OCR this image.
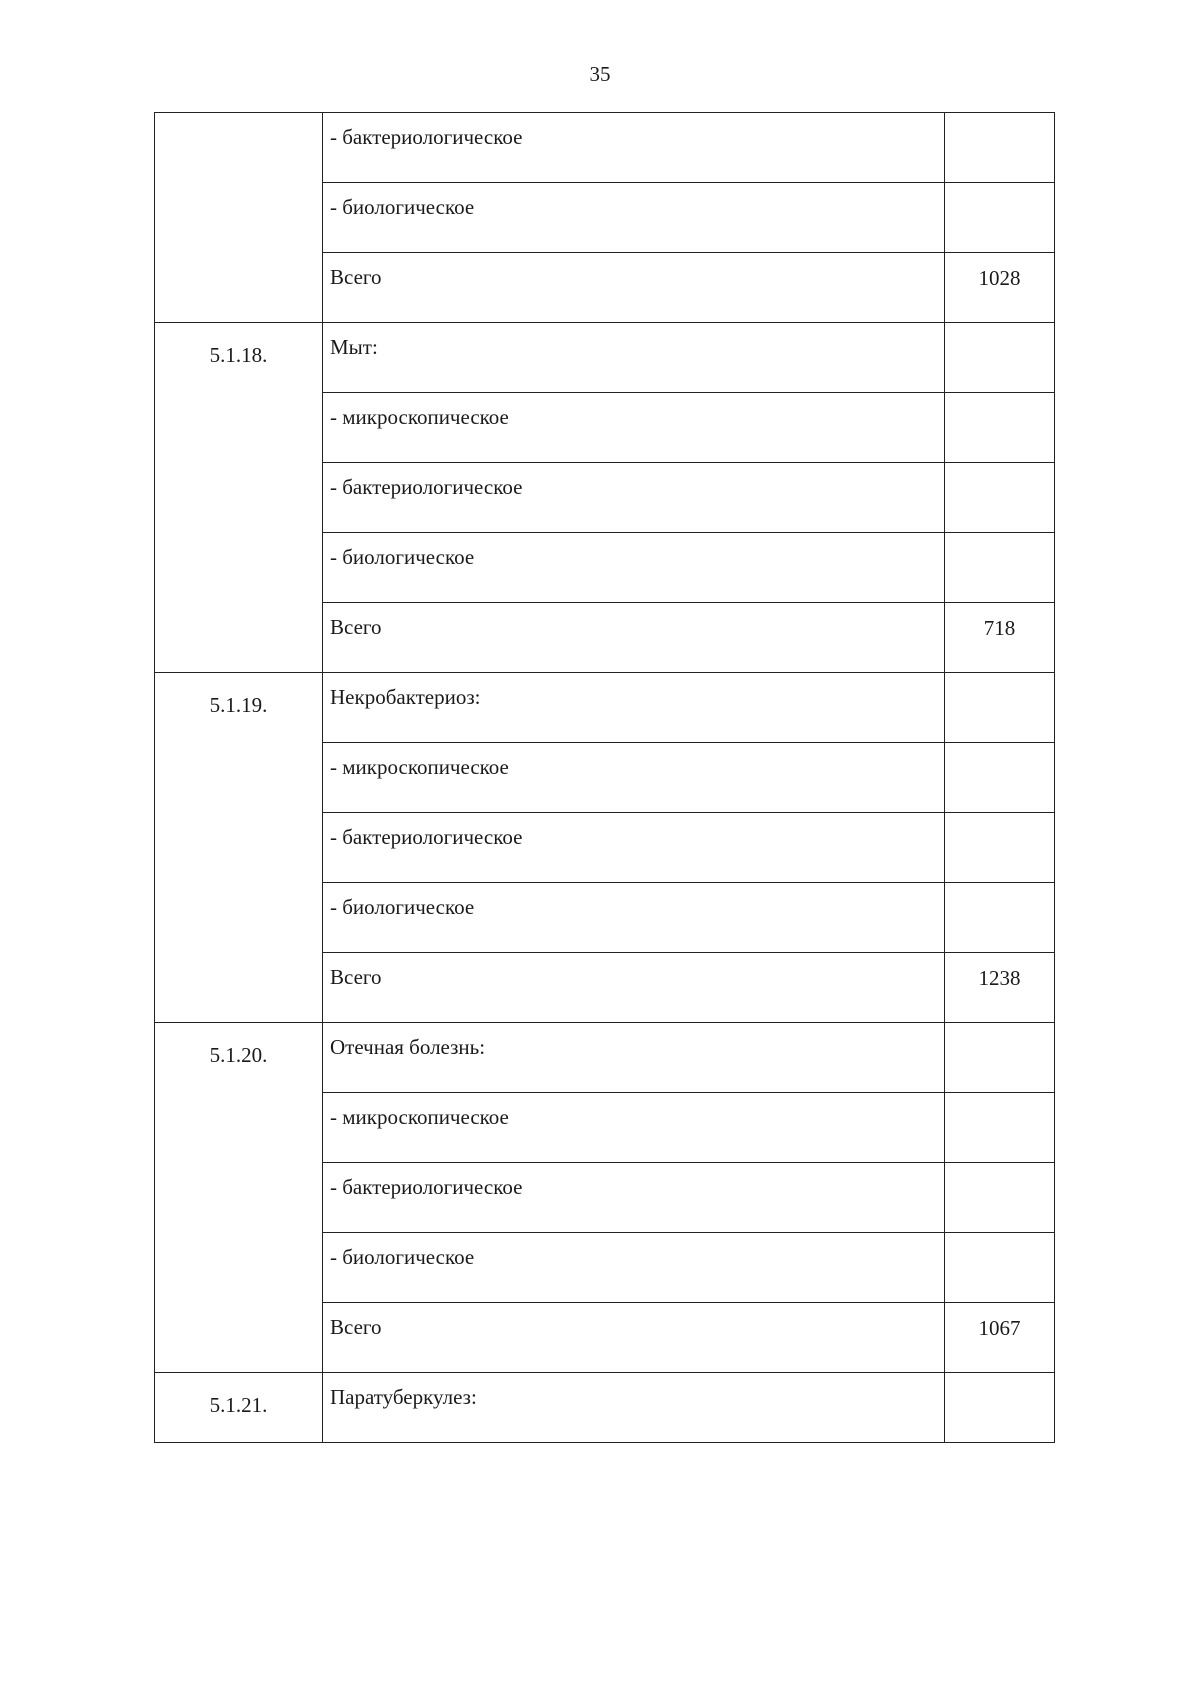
35

	- бактериологическое	

	- биологическое	

	Всего	1028

5.1.18.	Мыт:	

	- микроскопическое	

	- бактериологическое	

	- биологическое	

	Всего	718

5.1.19.	Некробактериоз:	

	- микроскопическое	

	- бактериологическое	

	- биологическое	

	Всего	1238

5.1.20.	Отечная болезнь:	

	- микроскопическое	

	- бактериологическое	

	- биологическое	

	Всего	1067

5.1.21.	Паратуберкулез:	
